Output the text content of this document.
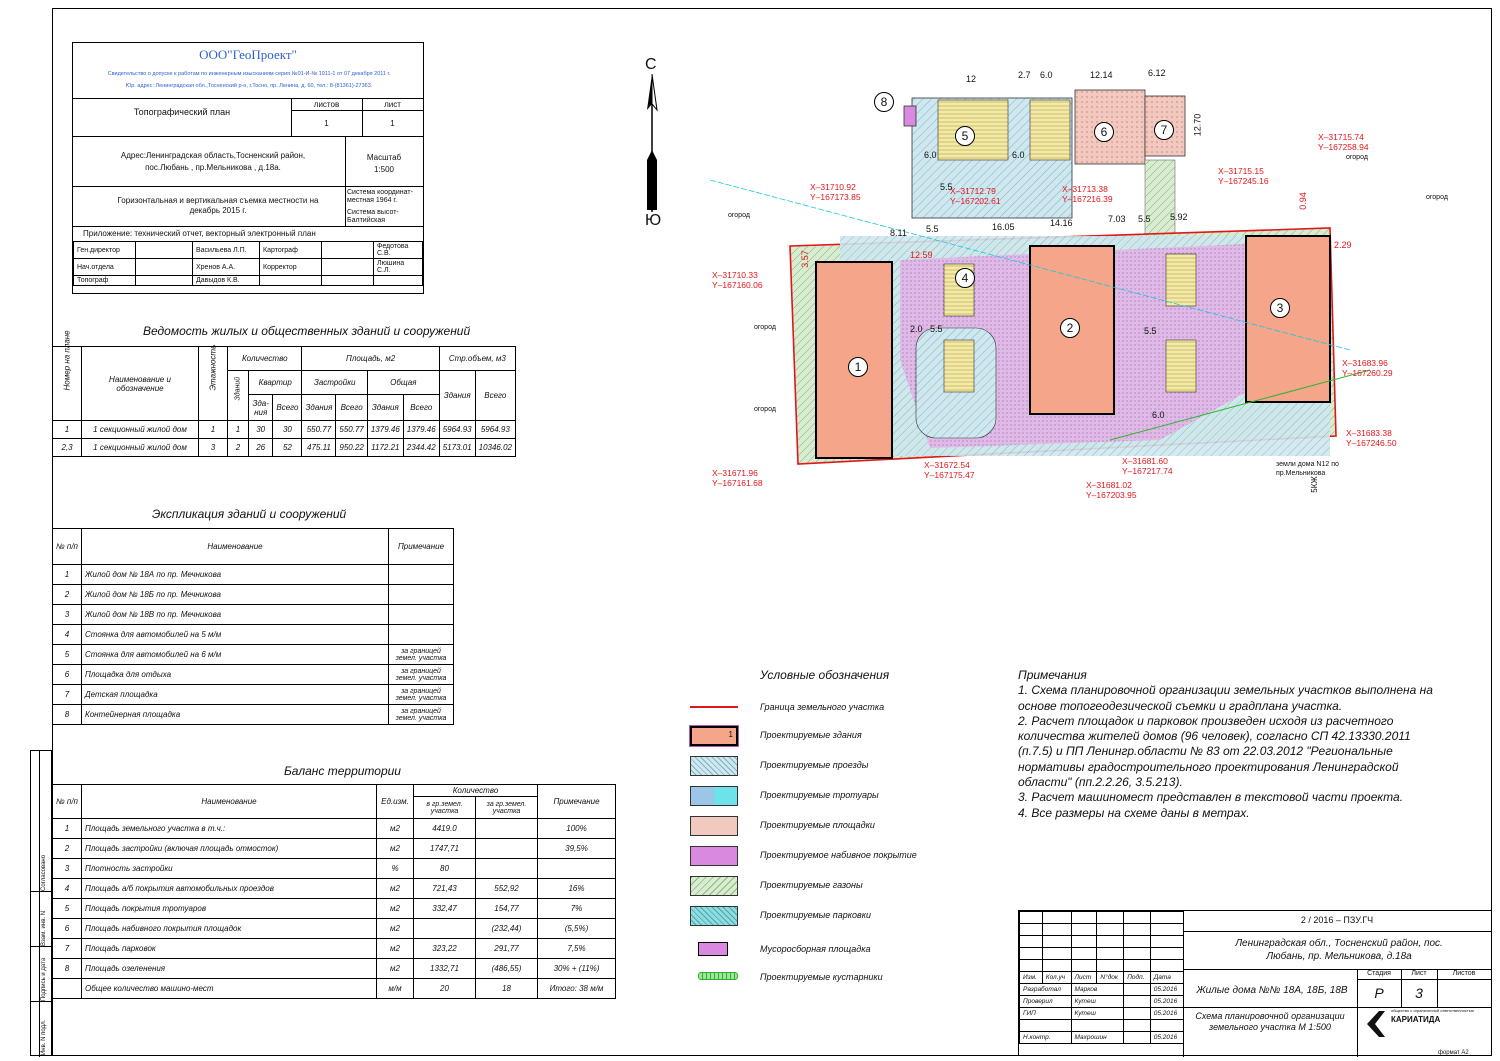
Согласовано
Взам. инв. N
Подпись и дата
Инв. N подл.
ООО"ГеоПроект"
Свидетельство о допуске к работам по инженерным изысканиям серия №01-И-№ 1911-1 от 07 декабря 2011 г.
Юр. адрес: Ленинградская обл.,Тосненский р-н, г.Тосно, пр. Ленина, д. 60, тел.: 8-(81361)-27363.
Топографический план
листов	лист
1	1
Адрес:Ленинградская область,Тосненский район, пос.Любань , пр.Мельникова , д.18а.
Масштаб
1:500
Горизонтальная и вертикальная съемка местности на декабрь 2015 г.
Система координат- местная 1964 г.
Система высот- Балтийская
Приложение: технический отчет, векторный электронный план
Ген.директор		Васильева Л.П.	Картограф		Федотова С.В.
Нач.отдела		Хренов А.А.	Корректор		Люшина С.Л.
Топограф		Давыдов К.В.			
Ведомость жилых и общественных зданий и сооружений
Номер на плане	Наименование и обозначение	Этажность	Количество			Площадь, м2				Стр.объем, м3	

			Зданий	Квартир		Застройки		Общая		Здания	Всего
				Зда-ния	Всего	Здания	Всего	Здания	Всего		
1	1 секционный жилой дом	1	1	30	30	550.77	550.77	1379.46	1379.46	5964.93	5964.93
2,3	1 секционный жилой дом	3	2	26	52	475.11	950.22	1172.21	2344.42	5173.01	10346.02
Экспликация зданий и сооружений
№ п/п	Наименование	Примечание
1	Жилой дом № 18А по пр. Мечникова	
2	Жилой дом № 18Б по пр. Мечникова	
3	Жилой дом № 18В по пр. Мечникова	
4	Стоянка для автомобилей на 5 м/м	
5	Стоянка для автомобилей на 6 м/м	за границей земел. участка
6	Площадка для отдыха	за границей земел. участка
7	Детская площадка	за границей земел. участка
8	Контейнерная площадка	за границей земел. участка
Баланс территории
№ п/п	Наименование	Ед.изм.	Количество		Примечание
			в гр.земел. участка	за гр.земел. участка	
1	Площадь земельного участка в т.ч.:	м2	4419.0		100%
2	Площадь застройки (включая площадь отмосток)	м2	1747,71		39,5%
3	Плотность застройки	%	80		
4	Площадь а/б покрытия автомобильных проездов	м2	721,43	552,92	16%
5	Площадь покрытия тротуаров	м2	332,47	154,77	7%
6	Площадь набивного покрытия площадок	м2		(232,44)	(5,5%)
7	Площадь парковок	м2	323,22	291,77	7,5%
8	Площадь озеленения	м2	1332,71	(486,55)	30% + (11%)
	Общее количество машино-мест	м/м	20	18	Итого: 38 м/м
С
Ю
1
2
3
4
5	6	7
8
12	2.7 6.0	12.14	6.12
12.70
6.0	6.0
8.11 5.5	16.05	14.16	7.03 5.5 5.92
5.5
6.0
2.29
0.94
12.59
3.57
5.5
2.0 5.5
Х–31710.92
Y–167173.85
Х–31710.33
Y–167160.06
Х–31712.79
Y–167202.61
Х–31713.38
Y–167216.39
Х–31715.15
Y–167245.16
Х–31715.74
Y–167258.94
Х–31683.96
Y–167260.29
Х–31683.38
Y–167246.50
Х–31681.60
Y–167217.74
Х–31681.02
Y–167203.95
Х–31672.54
Y–167175.47
Х–31671.96
Y–167161.68
огород
огород
огород
огород
огород
земли дома N12 по пр.Мельникова
5КЖ
Условные обозначения
Граница земельного участка
1	Проектируемые здания
Проектируемые проезды
Проектируемые тротуары
Проектируемые площадки
Проектируемое набивное покрытие
Проектируемые газоны
Проектируемые парковки
Мусоросборная площадка
Проектируемые кустарники
Примечания
1. Схема планировочной организации земельных участков выполнена на основе топогеодезической съемки и градплана участка.
2. Расчет площадок и парковок произведен исходя из расчетного количества жителей домов (96 человек), согласно СП 42.13330.2011 (п.7.5) и ПП Ленингр.области № 83 от 22.03.2012 "Региональные нормативы градостроительного проектирования Ленинградской области" (пп.2.2.26, 3.5.213).
3. Расчет машиномест представлен в текстовой части проекта.
4. Все размеры на схеме даны в метрах.
2 / 2016 – ПЗУ.ГЧ
Ленинградская обл., Тосненский район, пос. Любань, пр. Мельникова, д.18а
Жилые дома №№ 18А, 18Б, 18В
Схема планировочной организации земельного участка М 1:500
Стадия	Лист	Листов
Р	3
КАРИАТИДА
общество с ограниченной ответственностью

Изм.	Кол.уч	Лист	N°док	Подп.	Дата
Разработал		Марков			05.2016
Проверил		Кутеш			05.2016
ГИП		Кутеш			05.2016

Н.контр.		Махрошин			05.2016
формат А2
